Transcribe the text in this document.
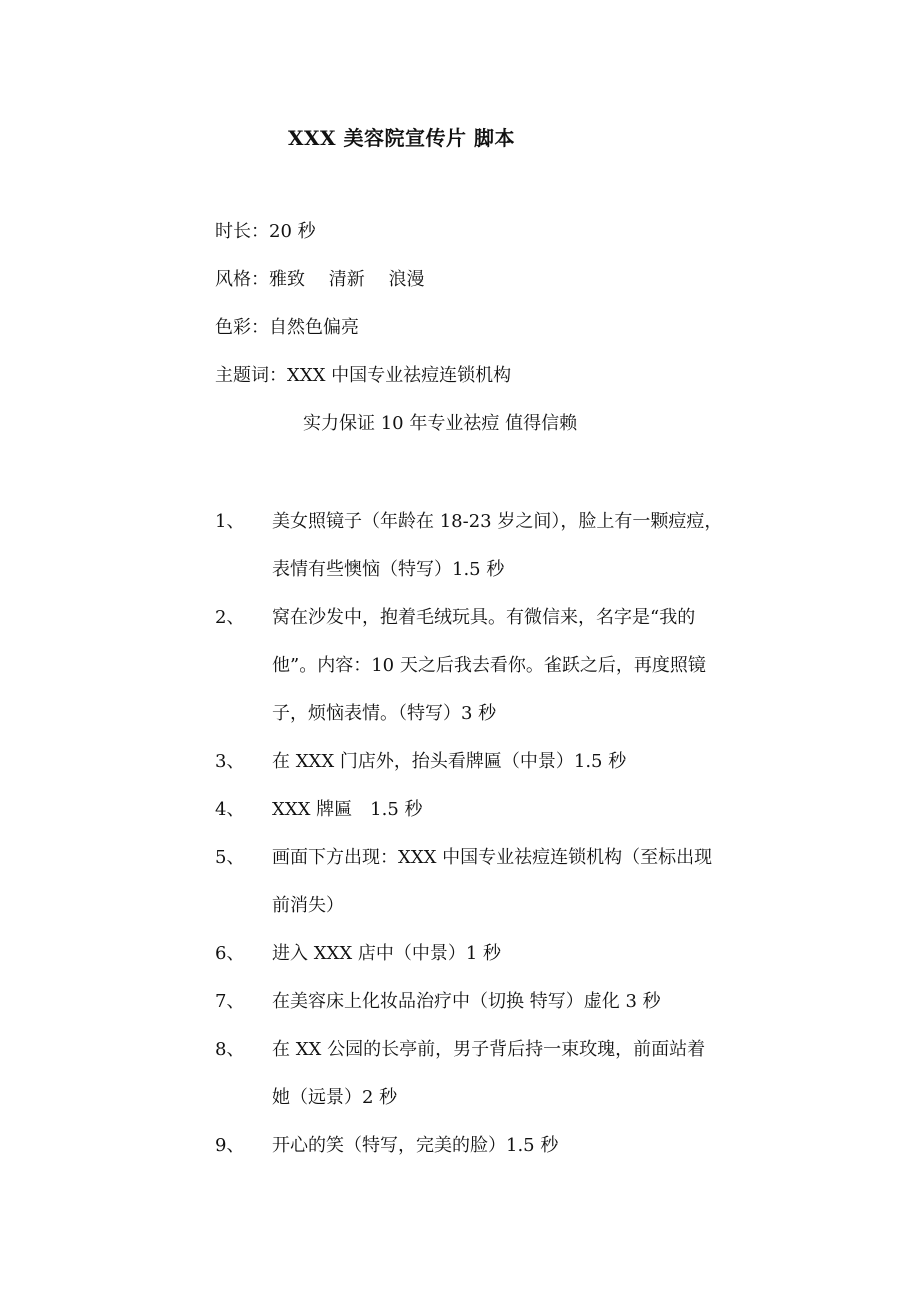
XXX 美容院宣传片 脚本
时长：20 秒
风格：雅致　 清新　 浪漫
色彩：自然色偏亮
主题词：XXX 中国专业祛痘连锁机构
实力保证 10 年专业祛痘 值得信赖
1、	美女照镜子（年龄在 18-23 岁之间），脸上有一颗痘痘，
表情有些懊恼（特写）1.5 秒
2、	窝在沙发中，抱着毛绒玩具。有微信来，名字是“我的
他”。内容：10 天之后我去看你。雀跃之后，再度照镜
子，烦恼表情。（特写）3 秒
3、	在 XXX 门店外，抬头看牌匾（中景）1.5 秒
4、	XXX 牌匾　1.5 秒
5、	画面下方出现：XXX 中国专业祛痘连锁机构（至标出现
前消失）
6、	进入 XXX 店中（中景）1 秒
7、	在美容床上化妆品治疗中（切换 特写）虚化 3 秒
8、	在 XX 公园的长亭前，男子背后持一束玫瑰，前面站着
她（远景）2 秒
9、	开心的笑（特写，完美的脸）1.5 秒
